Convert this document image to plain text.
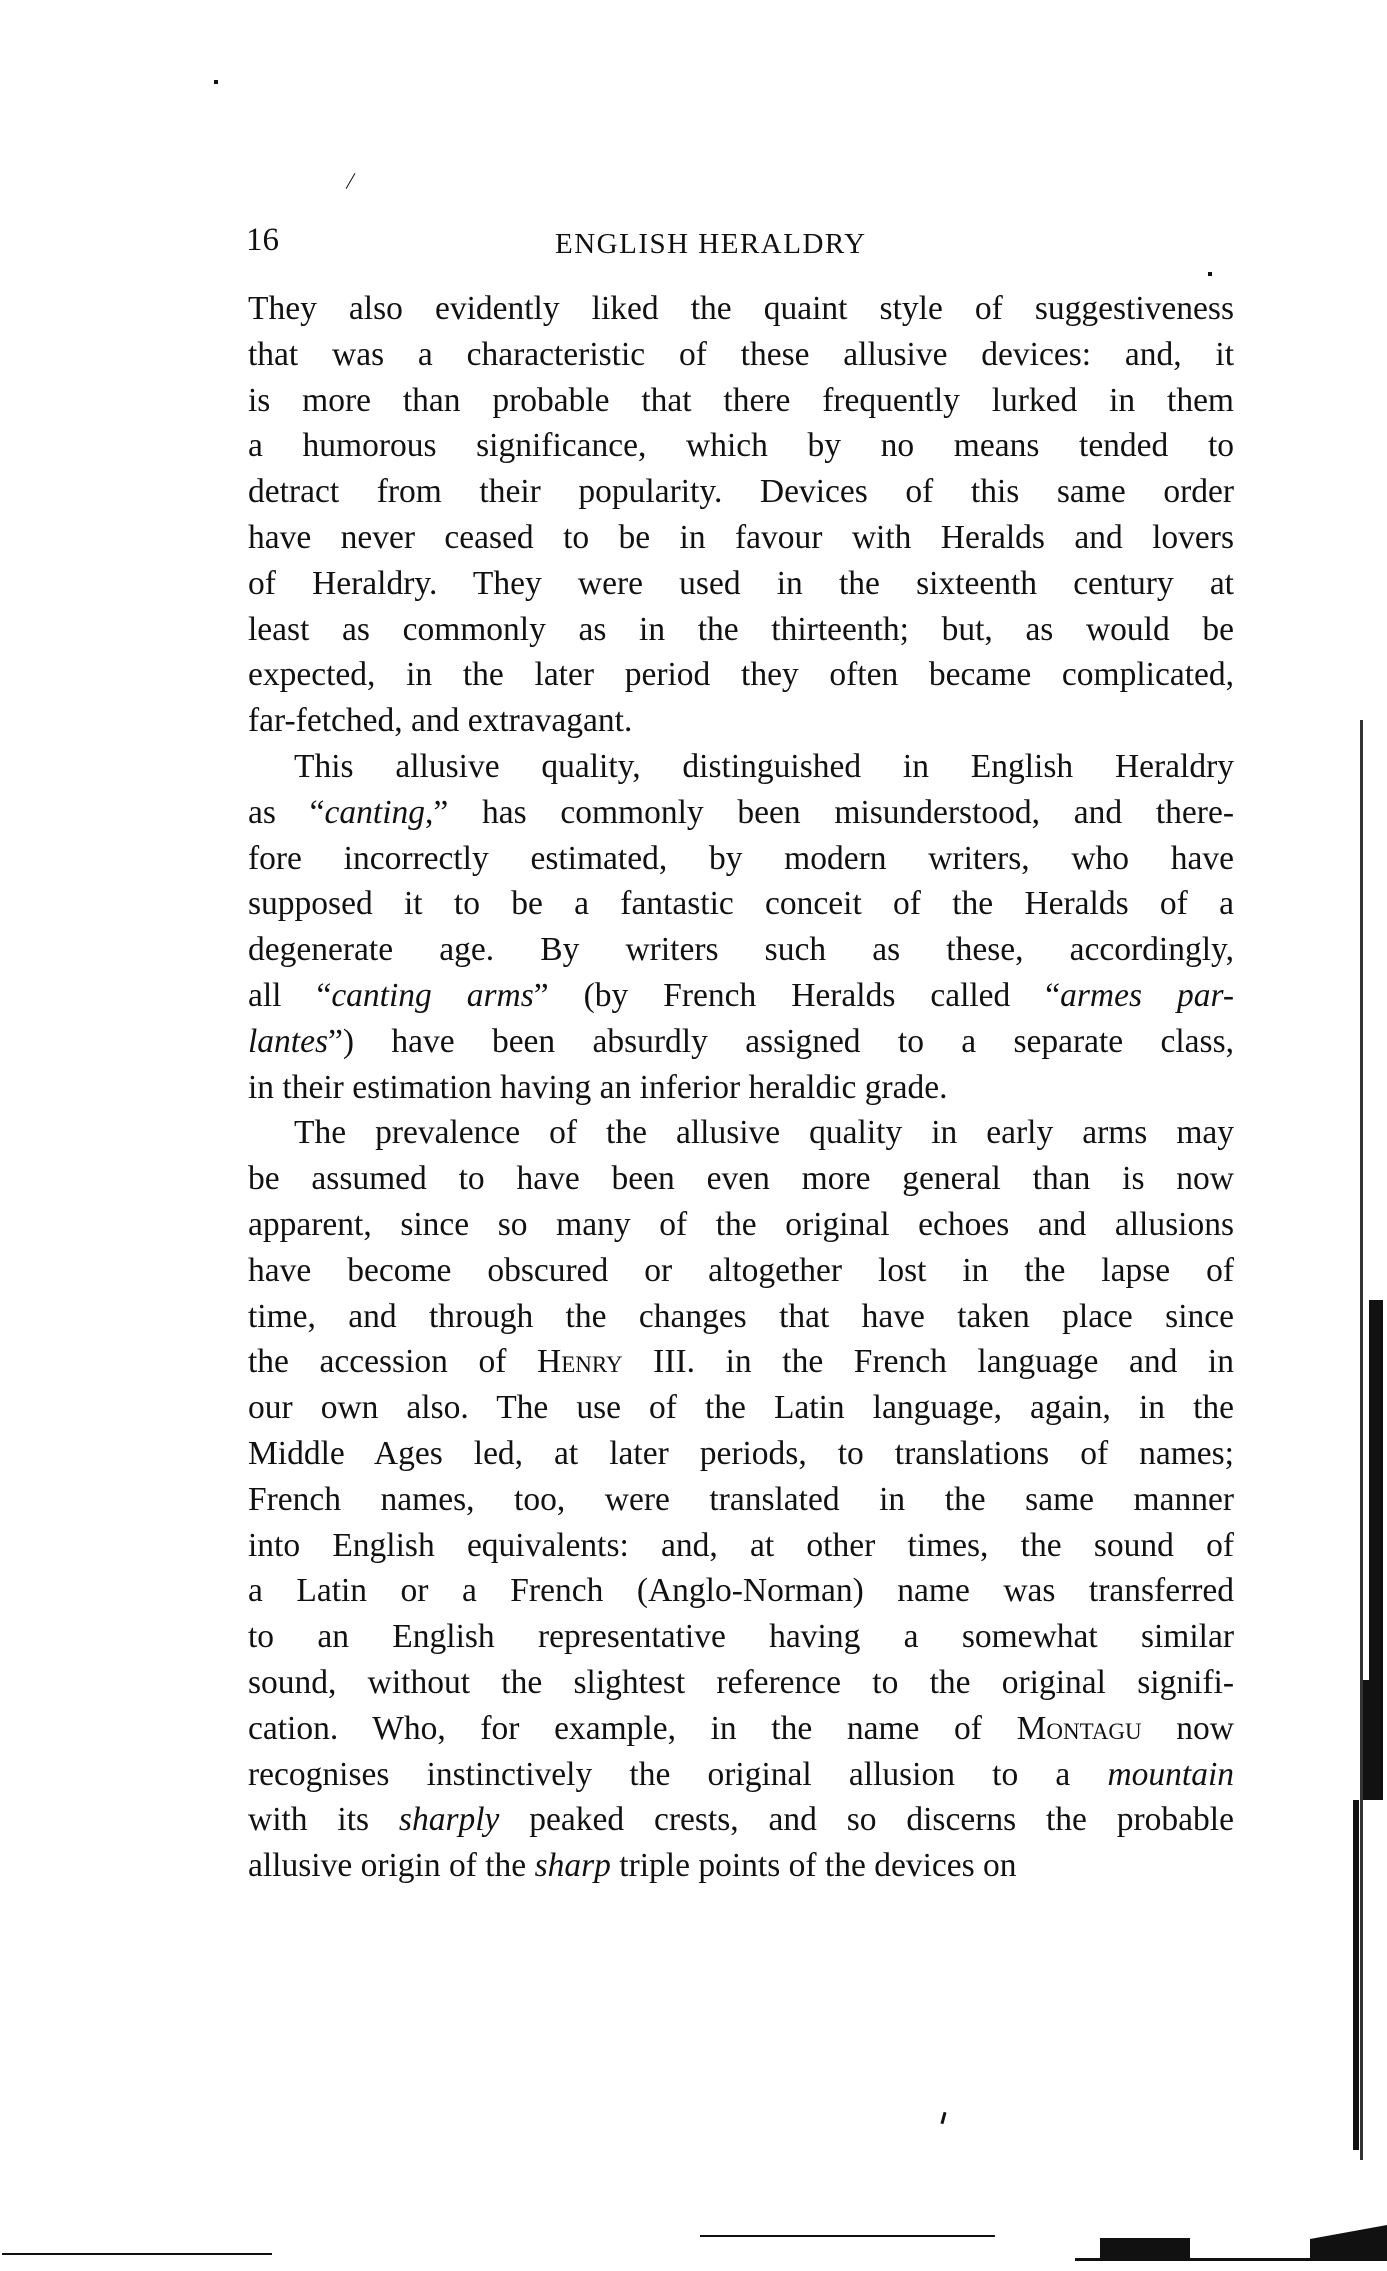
16	ENGLISH HERALDRY
They also evidently liked the quaint style of suggestiveness
that was a characteristic of these allusive devices: and, it
is more than probable that there frequently lurked in them
a humorous significance, which by no means tended to
detract from their popularity. Devices of this same order
have never ceased to be in favour with Heralds and lovers
of Heraldry. They were used in the sixteenth century at
least as commonly as in the thirteenth; but, as would be
expected, in the later period they often became complicated,
far-fetched, and extravagant.
This allusive quality, distinguished in English Heraldry
as “canting,” has commonly been misunderstood, and there-
fore incorrectly estimated, by modern writers, who have
supposed it to be a fantastic conceit of the Heralds of a
degenerate age. By writers such as these, accordingly,
all “canting arms” (by French Heralds called “armes par-
lantes”) have been absurdly assigned to a separate class,
in their estimation having an inferior heraldic grade.
The prevalence of the allusive quality in early arms may
be assumed to have been even more general than is now
apparent, since so many of the original echoes and allusions
have become obscured or altogether lost in the lapse of
time, and through the changes that have taken place since
the accession of Henry III. in the French language and in
our own also. The use of the Latin language, again, in the
Middle Ages led, at later periods, to translations of names;
French names, too, were translated in the same manner
into English equivalents: and, at other times, the sound of
a Latin or a French (Anglo-Norman) name was transferred
to an English representative having a somewhat similar
sound, without the slightest reference to the original signifi-
cation. Who, for example, in the name of Montagu now
recognises instinctively the original allusion to a mountain
with its sharply peaked crests, and so discerns the probable
allusive origin of the sharp triple points of the devices on
